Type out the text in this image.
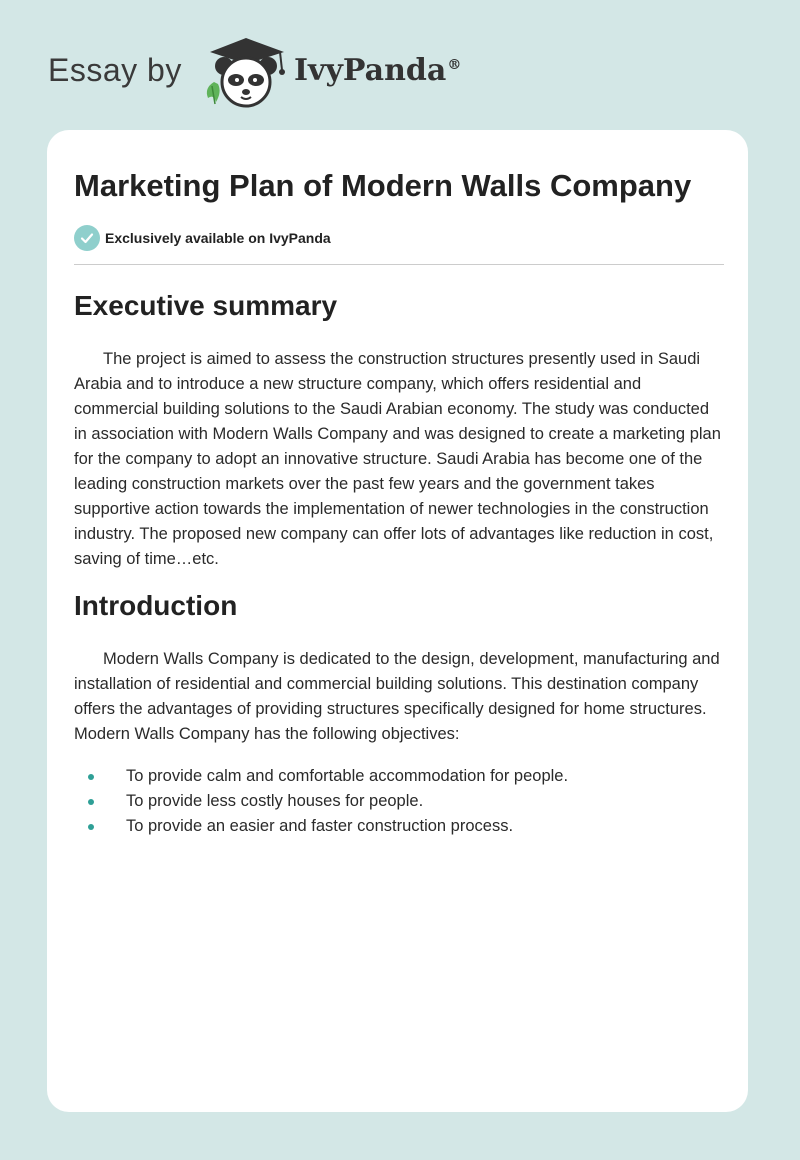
Essay by	IvyPanda®
Marketing Plan of Modern Walls Company
Exclusively available on IvyPanda
Executive summary

The project is aimed to assess the construction structures presently used in Saudi Arabia and to introduce a new structure company, which offers residential and commercial building solutions to the Saudi Arabian economy. The study was conducted in association with Modern Walls Company and was designed to create a marketing plan for the company to adopt an innovative structure. Saudi Arabia has become one of the leading construction markets over the past few years and the government takes supportive action towards the implementation of newer technologies in the construction industry. The proposed new company can offer lots of advantages like reduction in cost, saving of time…etc.

Introduction

Modern Walls Company is dedicated to the design, development, manufacturing and installation of residential and commercial building solutions. This destination company offers the advantages of providing structures specifically designed for home structures. Modern Walls Company has the following objectives:

To provide calm and comfortable accommodation for people.
To provide less costly houses for people.
To provide an easier and faster construction process.
